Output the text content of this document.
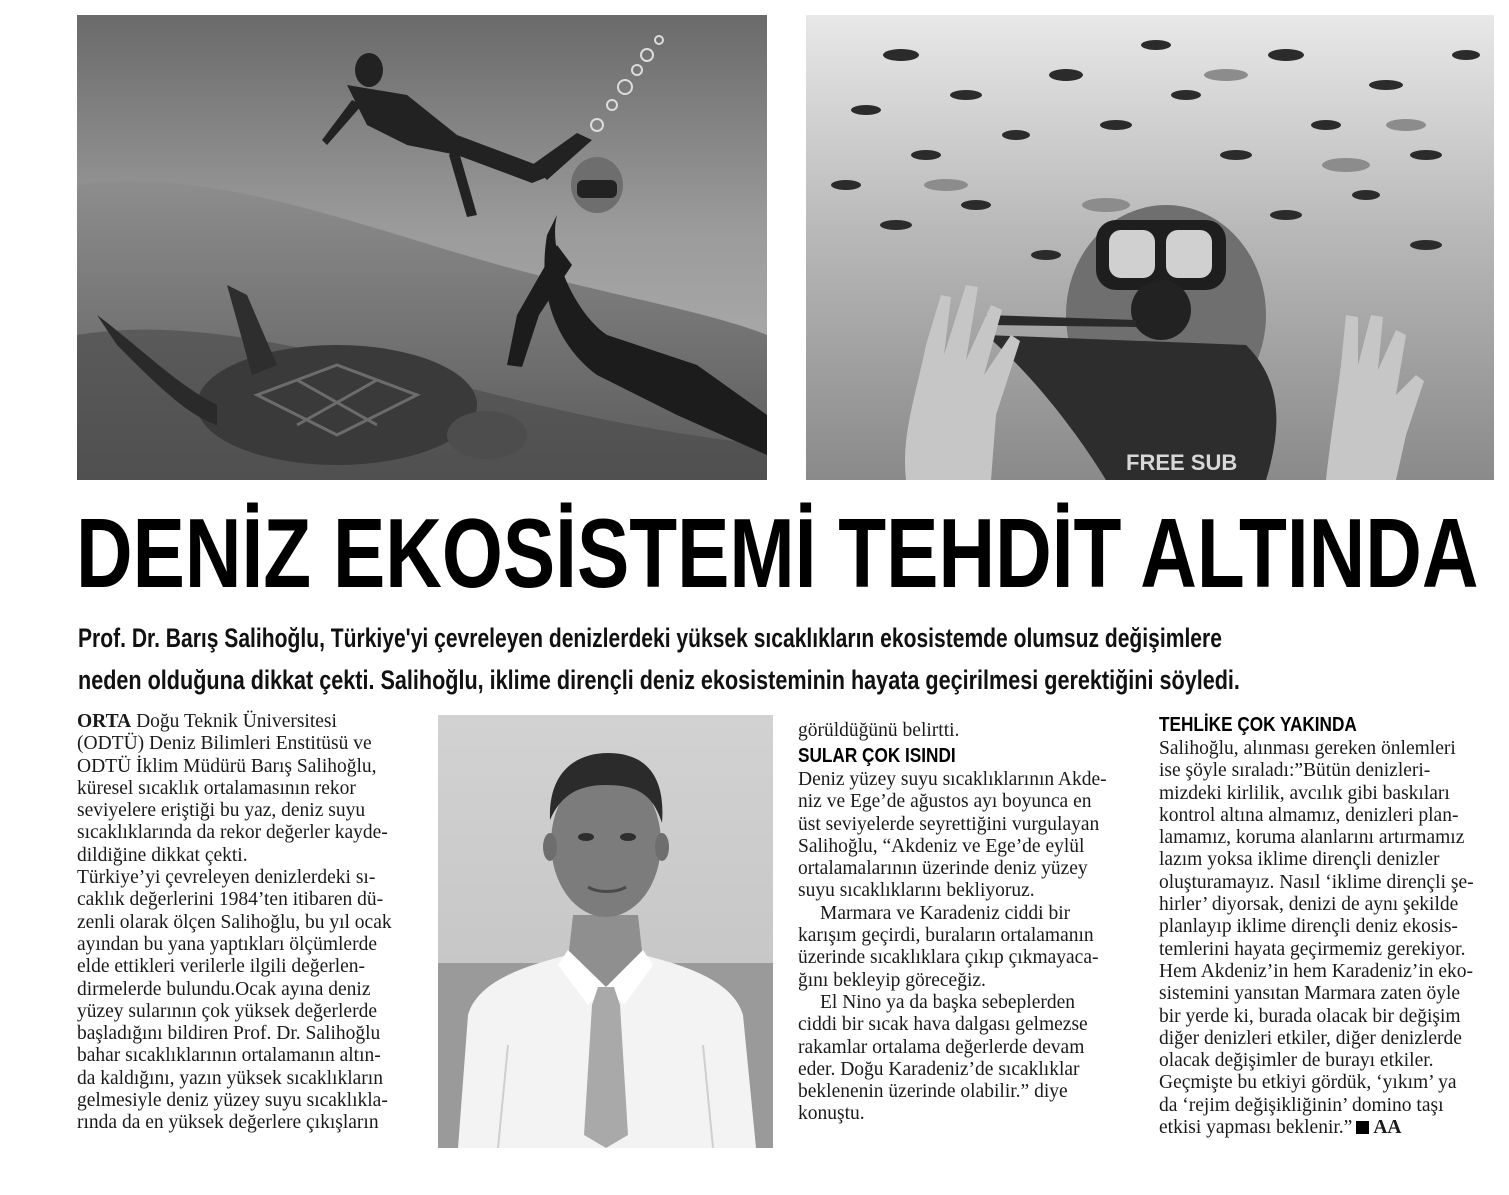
FREE SUB
DENİZ EKOSİSTEMİ TEHDİT ALTINDA
Prof. Dr. Barış Salihoğlu, Türkiye'yi çevreleyen denizlerdeki yüksek sıcaklıkların ekosistemde olumsuz değişimlere
neden olduğuna dikkat çekti. Salihoğlu, iklime dirençli deniz ekosisteminin hayata geçirilmesi gerektiğini söyledi.
ORTA Doğu Teknik Üniversitesi
(ODTÜ) Deniz Bilimleri Enstitüsü ve
ODTÜ İklim Müdürü Barış Salihoğlu,
küresel sıcaklık ortalamasının rekor
seviyelere eriştiği bu yaz, deniz suyu
sıcaklıklarında da rekor değerler kayde-
dildiğine dikkat çekti.
Türkiye’yi çevreleyen denizlerdeki sı-
caklık değerlerini 1984’ten itibaren dü-
zenli olarak ölçen Salihoğlu, bu yıl ocak
ayından bu yana yaptıkları ölçümlerde
elde ettikleri verilerle ilgili değerlen-
dirmelerde bulundu.Ocak ayına deniz
yüzey sularının çok yüksek değerlerde
başladığını bildiren Prof. Dr. Salihoğlu
bahar sıcaklıklarının ortalamanın altın-
da kaldığını, yazın yüksek sıcaklıkların
gelmesiyle deniz yüzey suyu sıcaklıkla-
rında da en yüksek değerlere çıkışların
görüldüğünü belirtti.
SULAR ÇOK ISINDI
Deniz yüzey suyu sıcaklıklarının Akde-
niz ve Ege’de ağustos ayı boyunca en
üst seviyelerde seyrettiğini vurgulayan
Salihoğlu, “Akdeniz ve Ege’de eylül
ortalamalarının üzerinde deniz yüzey
suyu sıcaklıklarını bekliyoruz.
Marmara ve Karadeniz ciddi bir
karışım geçirdi, buraların ortalamanın
üzerinde sıcaklıklara çıkıp çıkmayaca-
ğını bekleyip göreceğiz.
El Nino ya da başka sebeplerden
ciddi bir sıcak hava dalgası gelmezse
rakamlar ortalama değerlerde devam
eder. Doğu Karadeniz’de sıcaklıklar
beklenenin üzerinde olabilir.” diye
konuştu.
TEHLİKE ÇOK YAKINDA
Salihoğlu, alınması gereken önlemleri
ise şöyle sıraladı:”Bütün denizleri-
mizdeki kirlilik, avcılık gibi baskıları
kontrol altına almamız, denizleri plan-
lamamız, koruma alanlarını artırmamız
lazım yoksa iklime dirençli denizler
oluşturamayız. Nasıl ‘iklime dirençli şe-
hirler’ diyorsak, denizi de aynı şekilde
planlayıp iklime dirençli deniz ekosis-
temlerini hayata geçirmemiz gerekiyor.
Hem Akdeniz’in hem Karadeniz’in eko-
sistemini yansıtan Marmara zaten öyle
bir yerde ki, burada olacak bir değişim
diğer denizleri etkiler, diğer denizlerde
olacak değişimler de burayı etkiler.
Geçmişte bu etkiyi gördük, ‘yıkım’ ya
da ‘rejim değişikliğinin’ domino taşı
etkisi yapması beklenir.” AA
